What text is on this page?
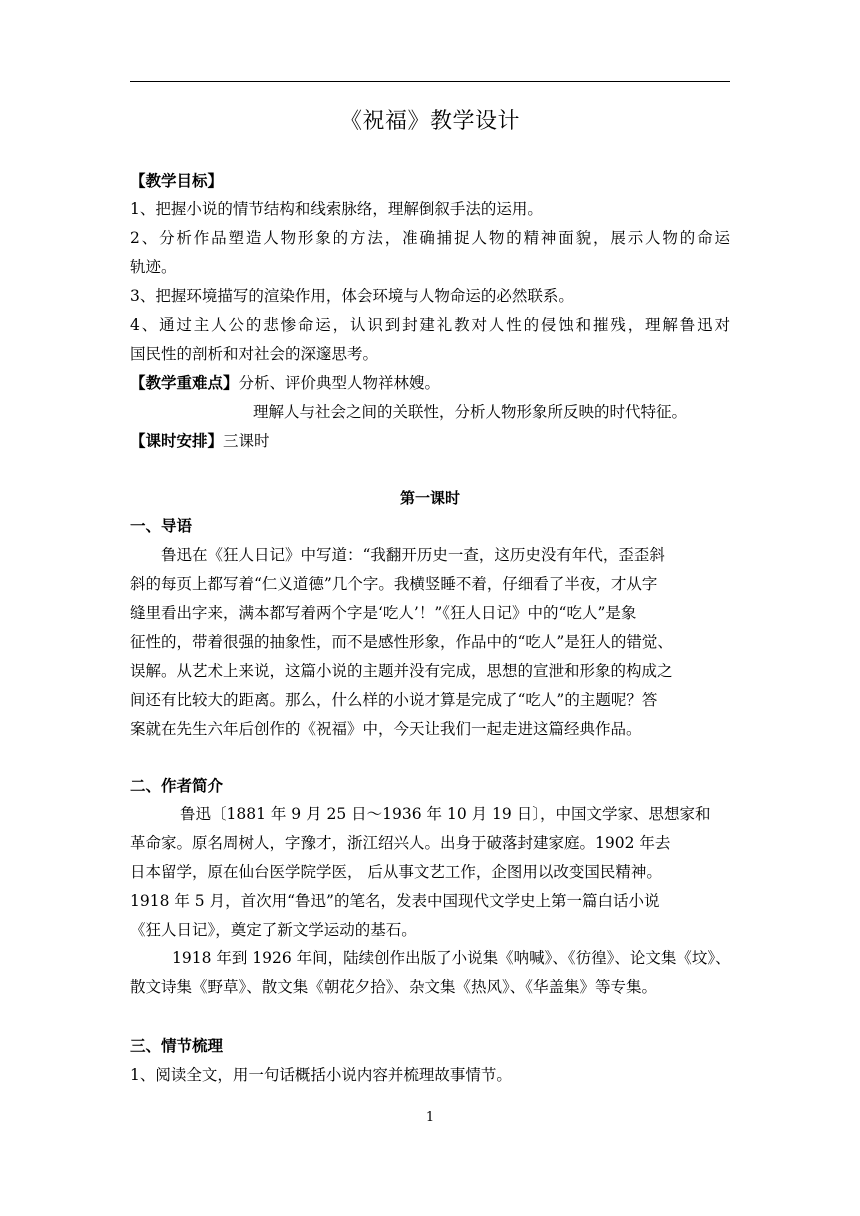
《祝福》教学设计
【教学目标】
1、把握小说的情节结构和线索脉络，理解倒叙手法的运用。
2、分析作品塑造人物形象的方法，准确捕捉人物的精神面貌，展示人物的命运
轨迹。
3、把握环境描写的渲染作用，体会环境与人物命运的必然联系。
4、通过主人公的悲惨命运，认识到封建礼教对人性的侵蚀和摧残，理解鲁迅对
国民性的剖析和对社会的深邃思考。
【教学重难点】分析、评价典型人物祥林嫂。
理解人与社会之间的关联性，分析人物形象所反映的时代特征。
【课时安排】三课时
第一课时
一、导语
鲁迅在《狂人日记》中写道：“我翻开历史一查，这历史没有年代，歪歪斜
斜的每页上都写着“仁义道德”几个字。我横竖睡不着，仔细看了半夜，才从字
缝里看出字来，满本都写着两个字是‘吃人’！”《狂人日记》中的“吃人”是象
征性的，带着很强的抽象性，而不是感性形象，作品中的“吃人”是狂人的错觉、
误解。从艺术上来说，这篇小说的主题并没有完成，思想的宣泄和形象的构成之
间还有比较大的距离。那么，什么样的小说才算是完成了“吃人”的主题呢？答
案就在先生六年后创作的《祝福》中，今天让我们一起走进这篇经典作品。
二、作者简介
鲁迅〔1881 年 9 月 25 日～1936 年 10 月 19 日〕，中国文学家、思想家和
革命家。原名周树人，字豫才，浙江绍兴人。出身于破落封建家庭。1902 年去
日本留学，原在仙台医学院学医， 后从事文艺工作，企图用以改变国民精神。
1918 年 5 月，首次用“鲁迅”的笔名，发表中国现代文学史上第一篇白话小说
《狂人日记》，奠定了新文学运动的基石。
1918 年到 1926 年间，陆续创作出版了小说集《呐喊》、《彷徨》、论文集《坟》、
散文诗集《野草》、散文集《朝花夕拾》、杂文集《热风》、《华盖集》等专集。
三、情节梳理
1、阅读全文，用一句话概括小说内容并梳理故事情节。
1
